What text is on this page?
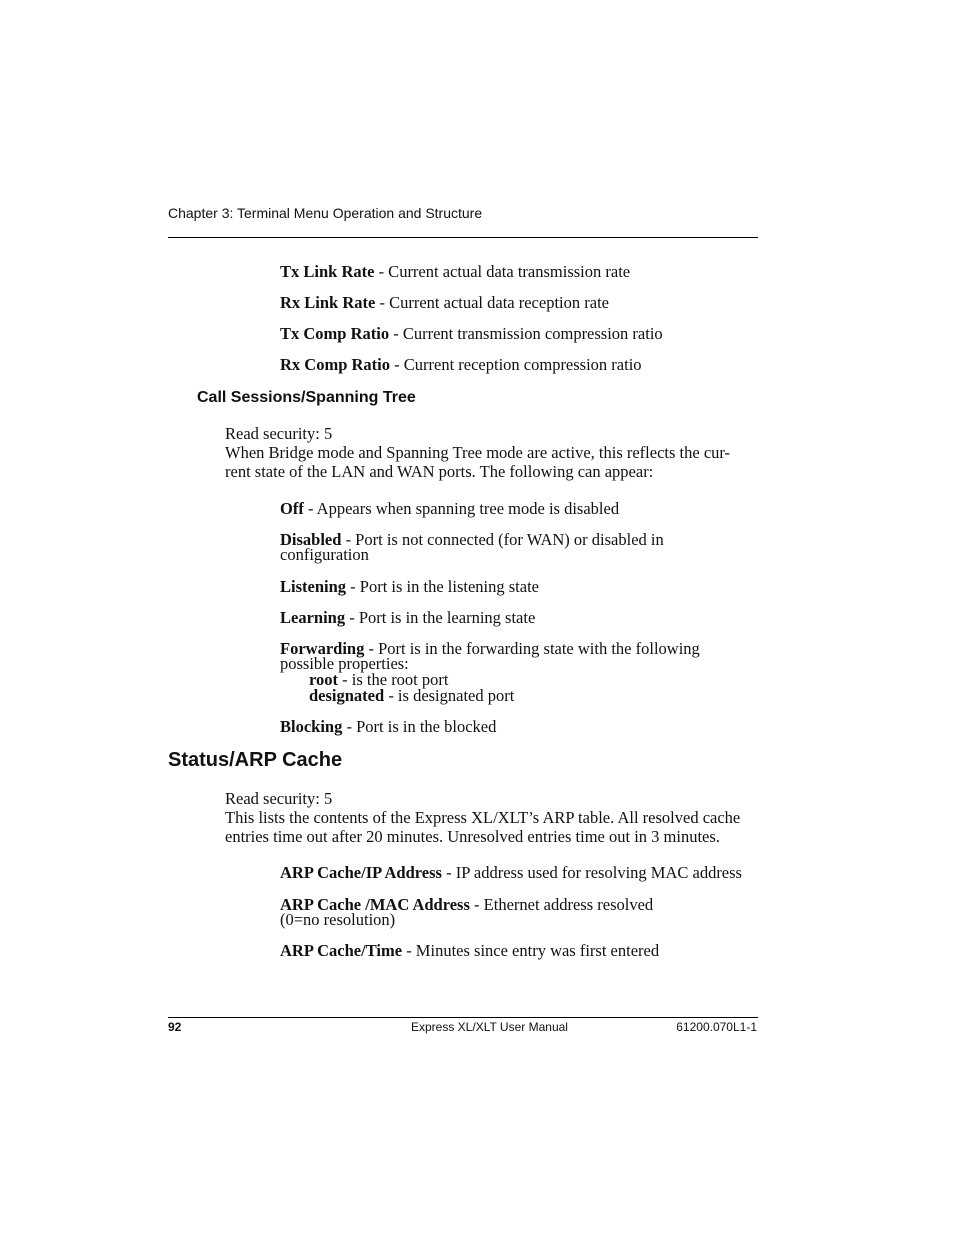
Chapter 3: Terminal Menu Operation and Structure
Tx Link Rate - Current actual data transmission rate
Rx Link Rate - Current actual data reception rate
Tx Comp Ratio - Current transmission compression ratio
Rx Comp Ratio - Current reception compression ratio
Call Sessions/Spanning Tree
Read security: 5
When Bridge mode and Spanning Tree mode are active, this reflects the cur-
rent state of the LAN and WAN ports. The following can appear:
Off - Appears when spanning tree mode is disabled
Disabled - Port is not connected (for WAN) or disabled in
configuration
Listening - Port is in the listening state
Learning - Port is in the learning state
Forwarding - Port is in the forwarding state with the following
possible properties:
root - is the root port
designated - is designated port
Blocking - Port is in the blocked
Status/ARP Cache
Read security: 5
This lists the contents of the Express XL/XLT’s ARP table. All resolved cache
entries time out after 20 minutes. Unresolved entries time out in 3 minutes.
ARP Cache/IP Address - IP address used for resolving MAC address
ARP Cache /MAC Address - Ethernet address resolved
(0=no resolution)
ARP Cache/Time - Minutes since entry was first entered
92	Express XL/XLT User Manual	61200.070L1-1
